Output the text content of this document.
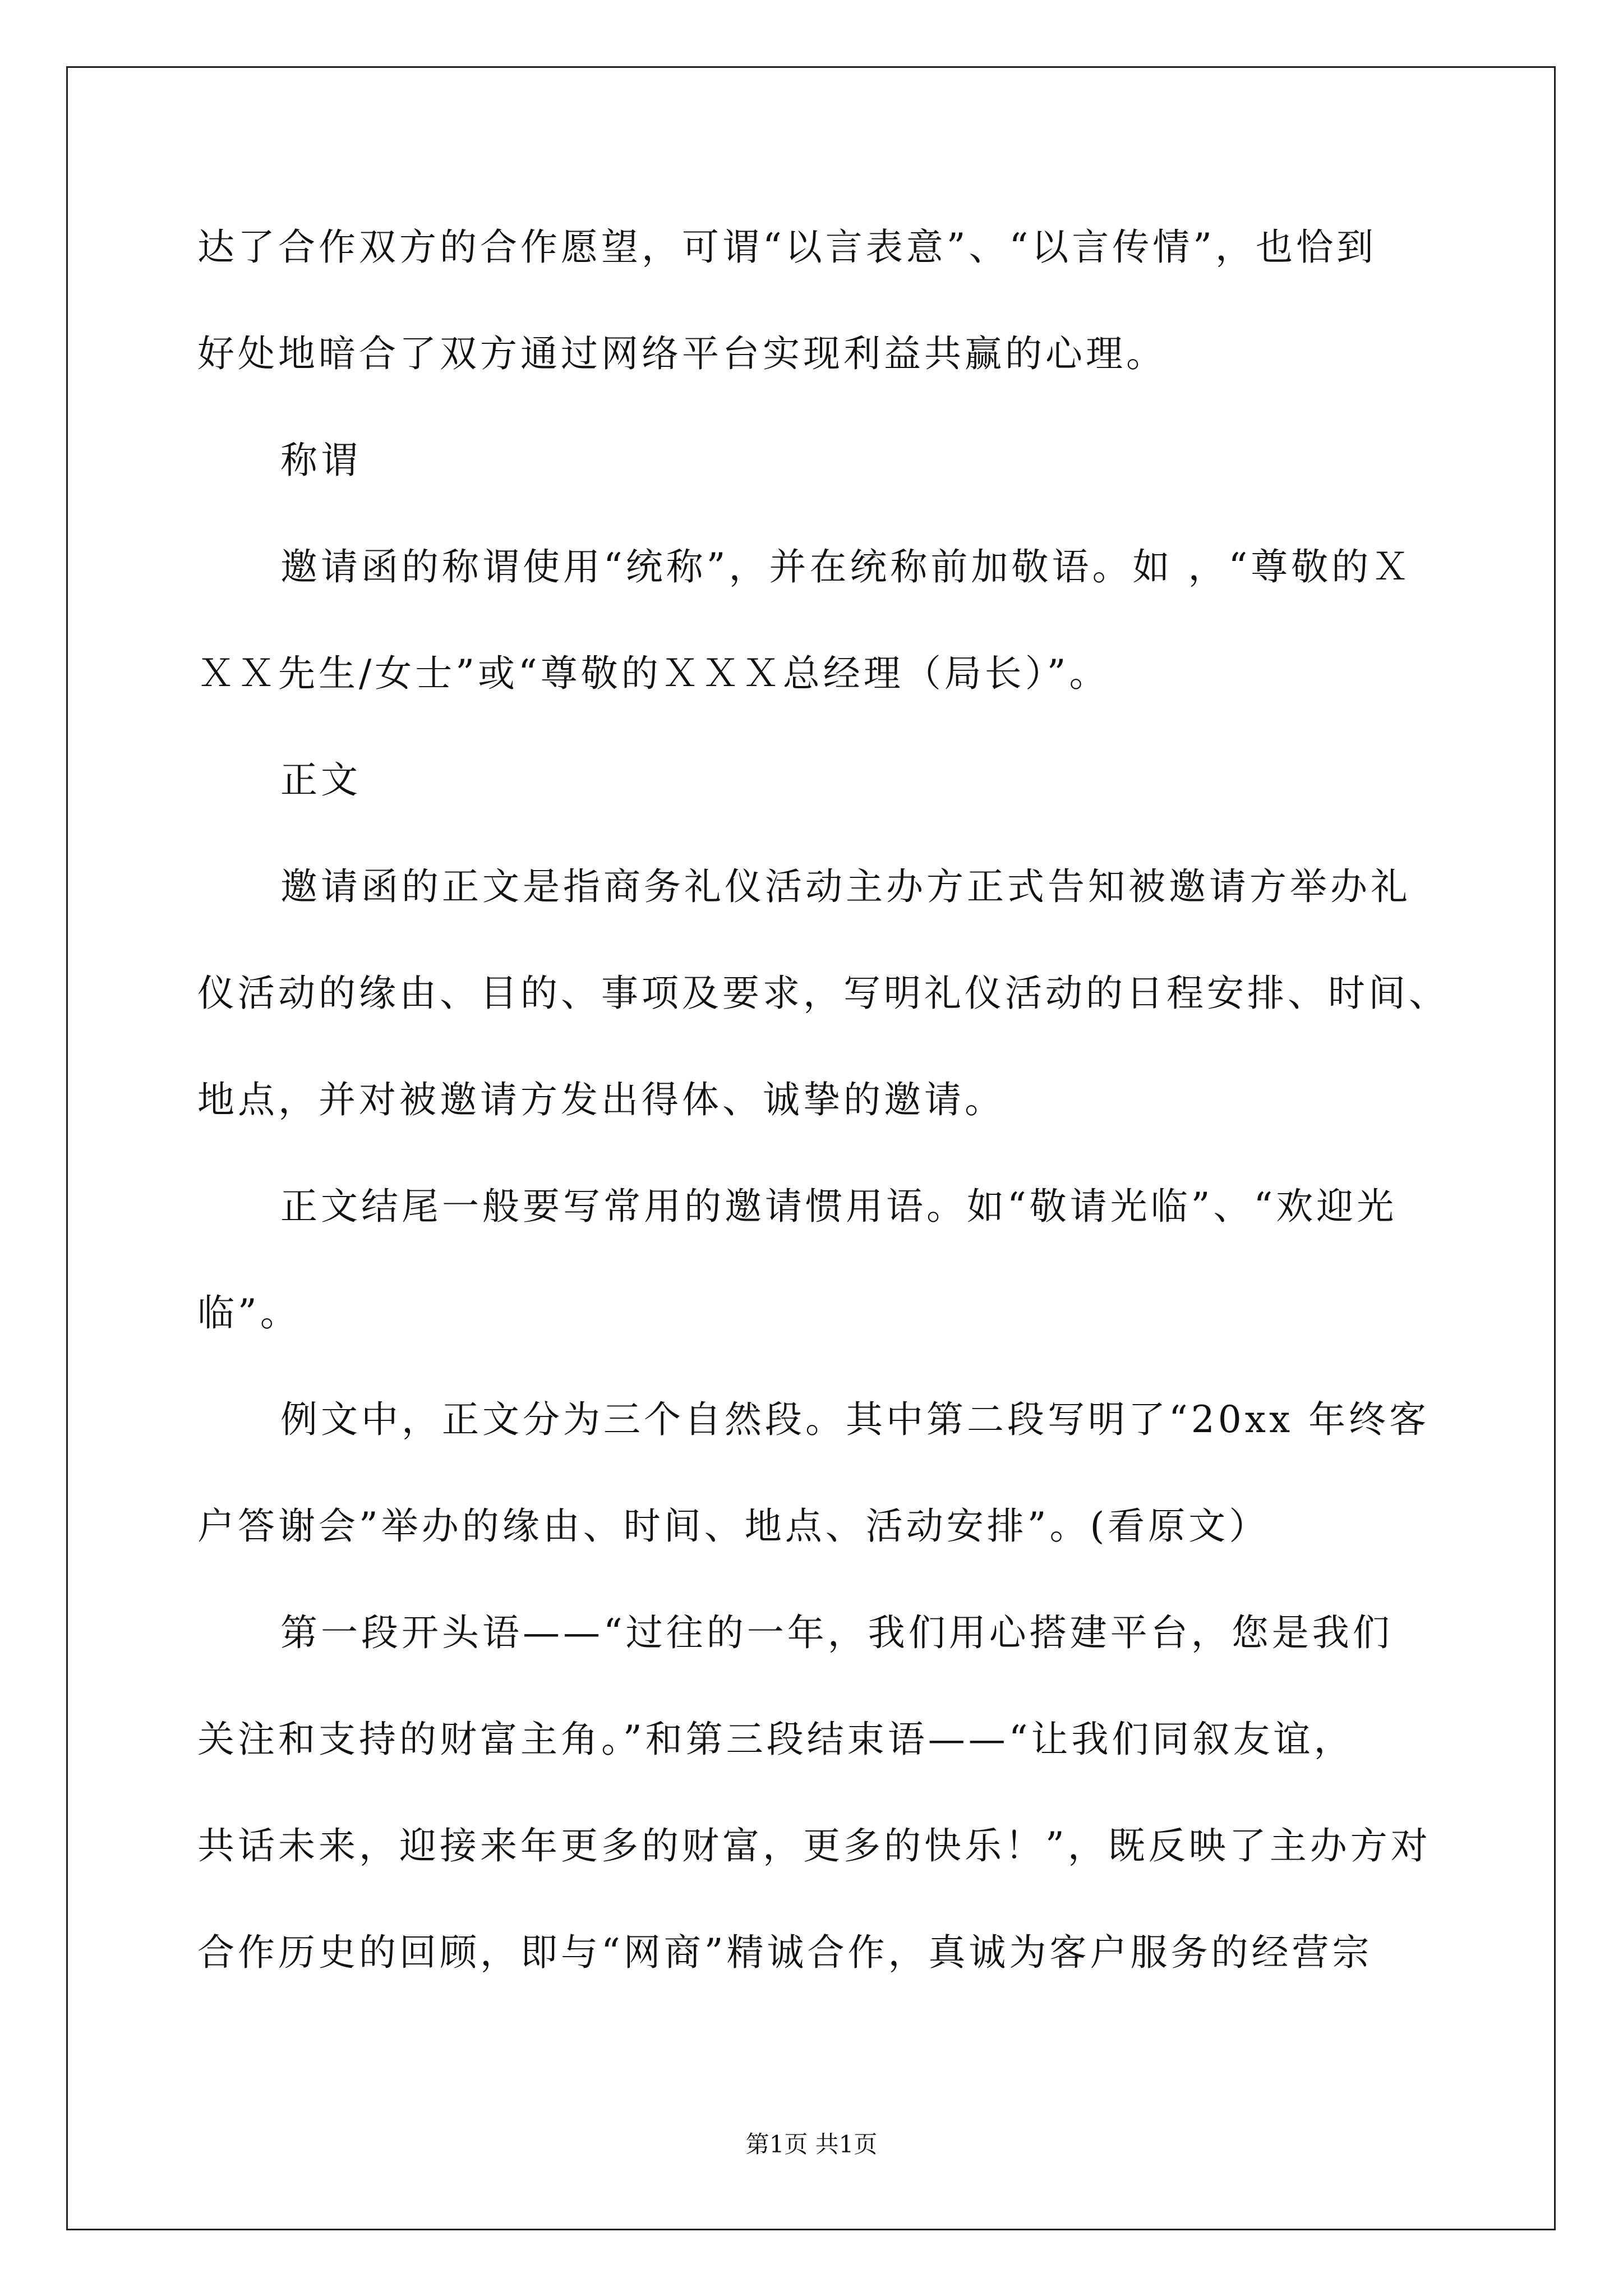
达了合作双方的合作愿望，可谓“以言表意”、“以言传情”，也恰到
好处地暗合了双方通过网络平台实现利益共赢的心理。
称谓
邀请函的称谓使用“统称”，并在统称前加敬语。如 ，“尊敬的Ｘ
ＸＸ先生/女士”或“尊敬的ＸＸＸ总经理（局长）”。
正文
邀请函的正文是指商务礼仪活动主办方正式告知被邀请方举办礼
仪活动的缘由、目的、事项及要求，写明礼仪活动的日程安排、时间、
地点，并对被邀请方发出得体、诚挚的邀请。
正文结尾一般要写常用的邀请惯用语。如“敬请光临”、“欢迎光
临”。
例文中，正文分为三个自然段。其中第二段写明了“20xx 年终客
户答谢会”举办的缘由、时间、地点、活动安排”。(看原文）
第一段开头语——“过往的一年，我们用心搭建平台，您是我们
关注和支持的财富主角。”和第三段结束语——“让我们同叙友谊，
共话未来，迎接来年更多的财富，更多的快乐！”，既反映了主办方对
合作历史的回顾，即与“网商”精诚合作，真诚为客户服务的经营宗
第1页 共1页
